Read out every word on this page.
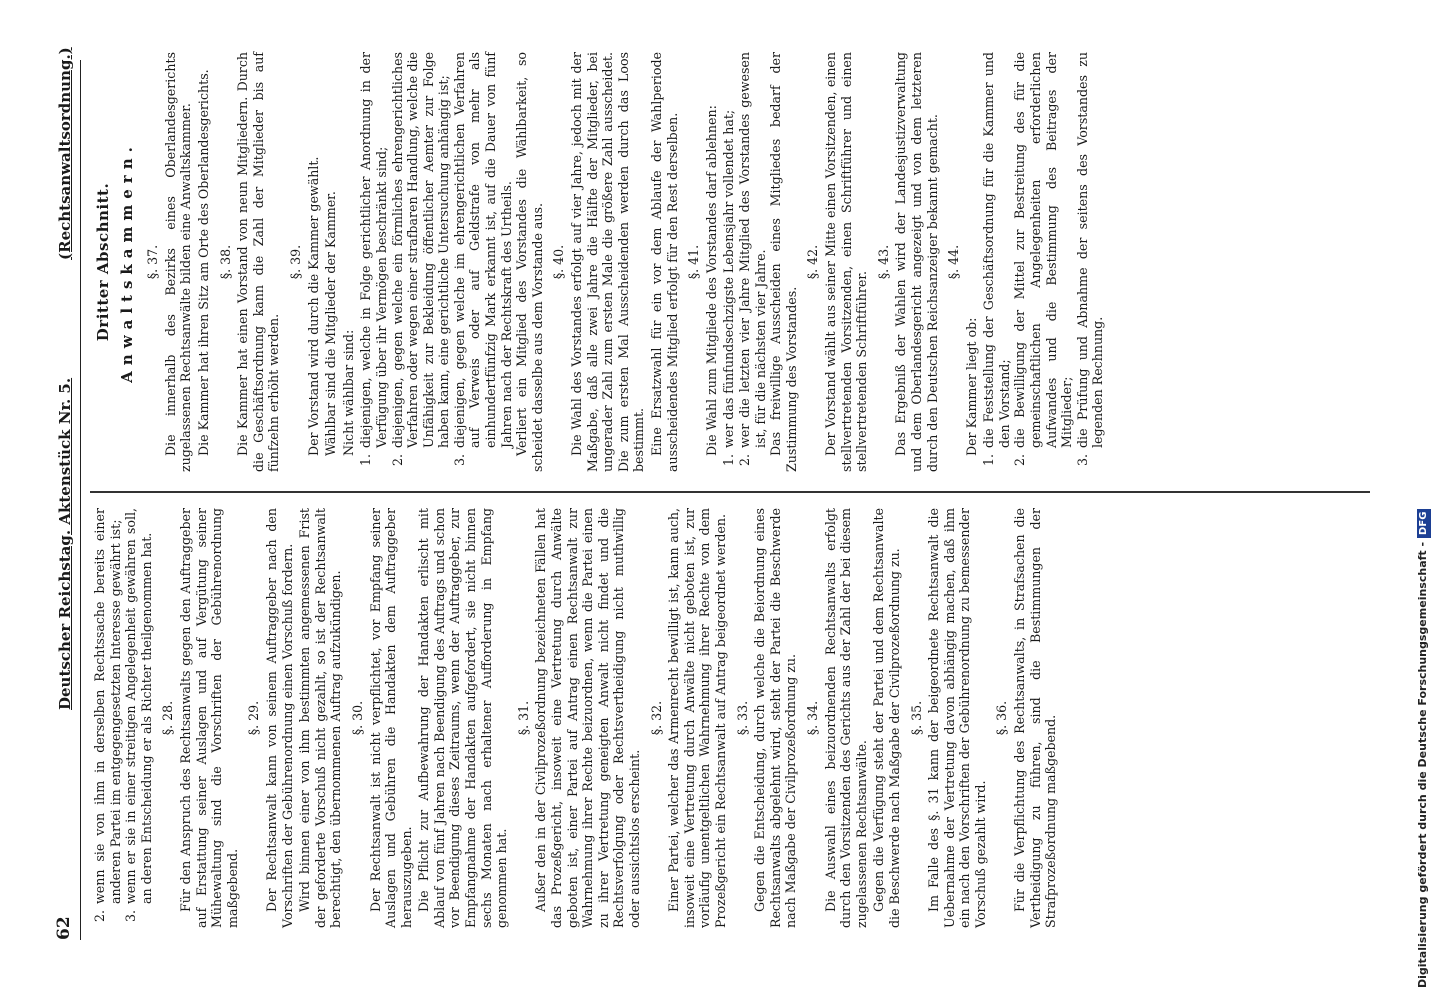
62
Deutscher Reichstag. Aktenstück Nr. 5.
(Rechtsanwaltsordnung.)
2.
wenn sie von ihm in derselben Rechtssache bereits einer anderen Partei im entgegengesetzten Interesse gewährt ist;
3.
wenn er sie in einer streitigen Angelegenheit gewähren soll, an deren Entscheidung er als Richter theilgenommen hat. §. 28. Für den Anspruch des Rechtsanwalts gegen den Auftraggeber auf Erstattung seiner Auslagen und auf Vergütung seiner Mühewaltung sind die Vorschriften der Gebührenordnung maßgebend.

§. 29. Der Rechtsanwalt kann von seinem Auftraggeber nach den Vorschriften der Gebührenordnung einen Vorschuß fordern. Wird binnen einer von ihm bestimmten angemessenen Frist der geforderte Vorschuß nicht gezahlt, so ist der Rechtsanwalt berechtigt, den übernommenen Auftrag aufzukündigen. §. 30. Der Rechtsanwalt ist nicht verpflichtet, vor Empfang seiner Auslagen und Gebühren die Handakten dem Auftraggeber herauszugeben. Die Pflicht zur Aufbewahrung der Handakten erlischt mit Ablauf von fünf Jahren nach Beendigung des Auftrags und schon vor Beendigung dieses Zeitraums, wenn der Auftraggeber, zur Empfangnahme der Handakten aufgefordert, sie nicht binnen sechs Monaten nach erhaltener Aufforderung in Empfang genommen hat.

§. 31. Außer den in der Civilprozeßordnung bezeichneten Fällen hat das Prozeßgericht, insoweit eine Vertretung durch Anwälte geboten ist, einer Partei auf Antrag einen Rechtsanwalt zur Wahrnehmung ihrer Rechte beizuordnen, wenn die Partei einen zu ihrer Vertretung geneigten Anwalt nicht findet und die Rechtsverfolgung oder Rechtsvertheidigung nicht muthwillig oder aussichtslos erscheint.

§. 32. Einer Partei, welcher das Armenrecht bewilligt ist, kann auch, insoweit eine Vertretung durch Anwälte nicht geboten ist, zur vorläufig unentgeltlichen Wahrnehmung ihrer Rechte von dem Prozeßgericht ein Rechtsanwalt auf Antrag beigeordnet werden. §. 33. Gegen die Entscheidung, durch welche die Beiordnung eines Rechtsanwalts abgelehnt wird, steht der Partei die Beschwerde nach Maßgabe der Civilprozeßordnung zu. §. 34. Die Auswahl eines beizuordnenden Rechtsanwalts erfolgt durch den Vorsitzenden des Gerichts aus der Zahl der bei diesem zugelassenen Rechtsanwälte. Gegen die Verfügung steht der Partei und dem Rechtsanwalte die Beschwerde nach Maßgabe der Civilprozeßordnung zu. §. 35. Im Falle des §. 31 kann der beigeordnete Rechtsanwalt die Uebernahme der Vertretung davon abhängig machen, daß ihm ein nach den Vorschriften der Gebührenordnung zu bemessender Vorschuß gezahlt wird.

§. 36. Für die Verpflichtung des Rechtsanwalts, in Strafsachen die Vertheidigung zu führen, sind die Bestimmungen der Strafprozeßordnung maßgebend.

Dritter Abschnitt. Anwaltskammern. §. 37. Die innerhalb des Bezirks eines Oberlandesgerichts zugelassenen Rechtsanwälte bilden eine Anwaltskammer. Die Kammer hat ihren Sitz am Orte des Oberlandesgerichts. §. 38. Die Kammer hat einen Vorstand von neun Mitgliedern. Durch die Geschäftsordnung kann die Zahl der Mitglieder bis auf fünfzehn erhöht werden.

§. 39. Der Vorstand wird durch die Kammer gewählt. Wählbar sind die Mitglieder der Kammer. Nicht wählbar sind:

1.
diejenigen, welche in Folge gerichtlicher Anordnung in der Verfügung über ihr Vermögen beschränkt sind;
2.
diejenigen, gegen welche ein förmliches ehrengerichtliches Verfahren oder wegen einer strafbaren Handlung, welche die Unfähigkeit zur Bekleidung öffentlicher Aemter zur Folge haben kann, eine gerichtliche Untersuchung anhängig ist;
3.
diejenigen, gegen welche im ehrengerichtlichen Verfahren auf Verweis oder auf Geldstrafe von mehr als einhundertfünfzig Mark erkannt ist, auf die Dauer von fünf Jahren nach der Rechtskraft des Urtheils. Verliert ein Mitglied des Vorstandes die Wählbarkeit, so scheidet dasselbe aus dem Vorstande aus. §. 40. Die Wahl des Vorstandes erfolgt auf vier Jahre, jedoch mit der Maßgabe, daß alle zwei Jahre die Hälfte der Mitglieder, bei ungerader Zahl zum ersten Male die größere Zahl ausscheidet. Die zum ersten Mal Ausscheidenden werden durch das Loos bestimmt. Eine Ersatzwahl für ein vor dem Ablaufe der Wahlperiode ausscheidendes Mitglied erfolgt für den Rest derselben. §. 41. Die Wahl zum Mitgliede des Vorstandes darf ablehnen:

1.
wer das fünfundsechzigste Lebensjahr vollendet hat;
2.
wer die letzten vier Jahre Mitglied des Vorstandes gewesen ist, für die nächsten vier Jahre. Das freiwillige Ausscheiden eines Mitgliedes bedarf der Zustimmung des Vorstandes.

§. 42. Der Vorstand wählt aus seiner Mitte einen Vorsitzenden, einen stellvertretenden Vorsitzenden, einen Schriftführer und einen stellvertretenden Schriftführer.

§. 43. Das Ergebniß der Wahlen wird der Landesjustizverwaltung und dem Oberlandesgericht angezeigt und von dem letzteren durch den Deutschen Reichsanzeiger bekannt gemacht. §. 44.

Der Kammer liegt ob:

1.
die Feststellung der Geschäftsordnung für die Kammer und den Vorstand;
2.
die Bewilligung der Mittel zur Bestreitung des für die gemeinschaftlichen Angelegenheiten erforderlichen Aufwandes und die Bestimmung des Beitrages der Mitglieder;
3.
die Prüfung und Abnahme der seitens des Vorstandes zu legenden Rechnung.
Digitalisierung gefördert durch die Deutsche Forschungsgemeinschaft -DFG
